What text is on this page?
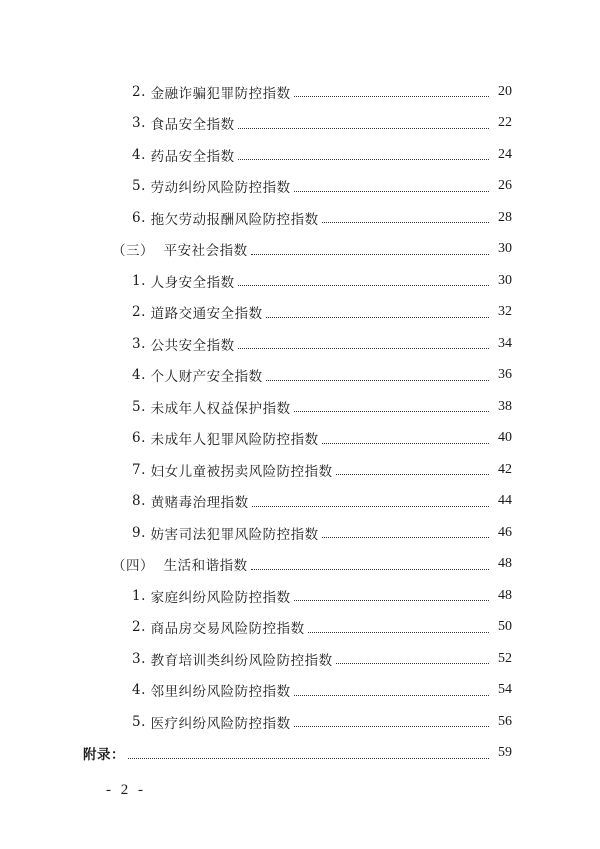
2. 金融诈骗犯罪防控指数	20
3. 食品安全指数	22
4. 药品安全指数	24
5. 劳动纠纷风险防控指数	26
6. 拖欠劳动报酬风险防控指数	28
（三） 平安社会指数	30
1. 人身安全指数	30
2. 道路交通安全指数	32
3. 公共安全指数	34
4. 个人财产安全指数	36
5. 未成年人权益保护指数	38
6. 未成年人犯罪风险防控指数	40
7. 妇女儿童被拐卖风险防控指数	42
8. 黄赌毒治理指数	44
9. 妨害司法犯罪风险防控指数	46
（四） 生活和谐指数	48
1. 家庭纠纷风险防控指数	48
2. 商品房交易风险防控指数	50
3. 教育培训类纠纷风险防控指数	52
4. 邻里纠纷风险防控指数	54
5. 医疗纠纷风险防控指数	56
附录：	59
- 2 -
